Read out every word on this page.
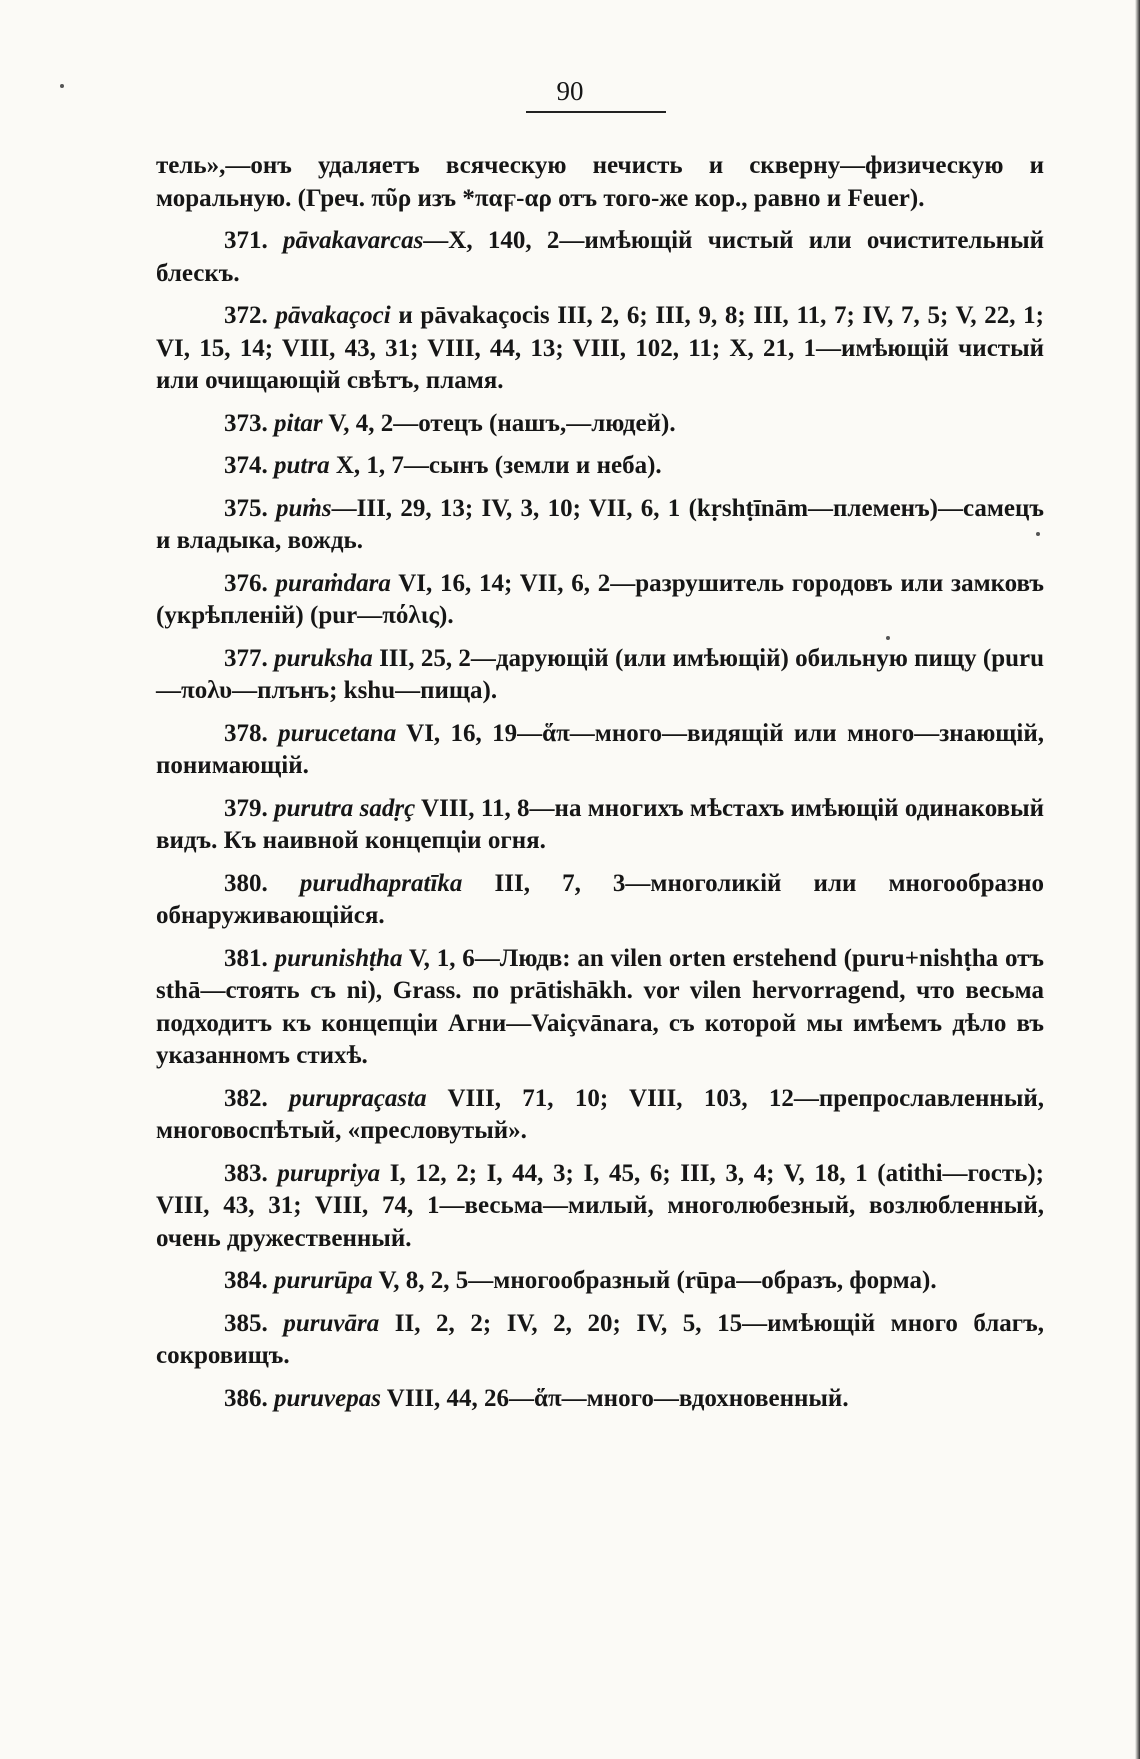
90

тель»,—онъ удаляетъ всяческую нечисть и скверну—физическую и моральную. (Греч. πῦρ изъ *παϝ-αρ отъ того-же кор., равно и Feuer).

371. pāvakavarcas—X, 140, 2—имѣющій чистый или очистительный блескъ.

372. pāvakaçoci и pāvakaçocis III, 2, 6; III, 9, 8; III, 11, 7; IV, 7, 5; V, 22, 1; VI, 15, 14; VIII, 43, 31; VIII, 44, 13; VIII, 102, 11; X, 21, 1—имѣющій чистый или очищающій свѣтъ, пламя.

373. pitar V, 4, 2—отецъ (нашъ,—людей).

374. putra X, 1, 7—сынъ (земли и неба).

375. puṁs—III, 29, 13; IV, 3, 10; VII, 6, 1 (kṛshṭīnām—племенъ)—самецъ и владыка, вождь.

376. puraṁdara VI, 16, 14; VII, 6, 2—разрушитель городовъ или замковъ (укрѣпленій) (pur—πόλις).

377. puruksha III, 25, 2—дарующій (или имѣющій) обильную пищу (puru—πολυ—плънъ; kshu—пища).

378. purucetana VI, 16, 19—ἅπ—много—видящій или много—знающій, понимающій.

379. purutra sadṛç VIII, 11, 8—на многихъ мѣстахъ имѣющій одинаковый видъ. Къ наивной концепціи огня.

380. purudhapratīka III, 7, 3—многоликій или многообразно обнаруживающійся.

381. purunishṭha V, 1, 6—Людв: an vilen orten erstehend (puru+nishṭha отъ sthā—стоять съ ni), Grass. по prātishākh. vor vilen hervorragend, что весьма подходитъ къ концепціи Агни—Vaiçvānara, съ которой мы имѣемъ дѣло въ указанномъ стихѣ.

382. purupraçasta VIII, 71, 10; VIII, 103, 12—препрославленный, многовоспѣтый, «пресловутый».

383. purupriya I, 12, 2; I, 44, 3; I, 45, 6; III, 3, 4; V, 18, 1 (atithi—гость); VIII, 43, 31; VIII, 74, 1—весьма—милый, многолюбезный, возлюбленный, очень дружественный.

384. pururūpa V, 8, 2, 5—многообразный (rūpa—образъ, форма).

385. puruvāra II, 2, 2; IV, 2, 20; IV, 5, 15—имѣющій много благъ, сокровищъ.

386. puruvepas VIII, 44, 26—ἅπ—много—вдохновенный.
